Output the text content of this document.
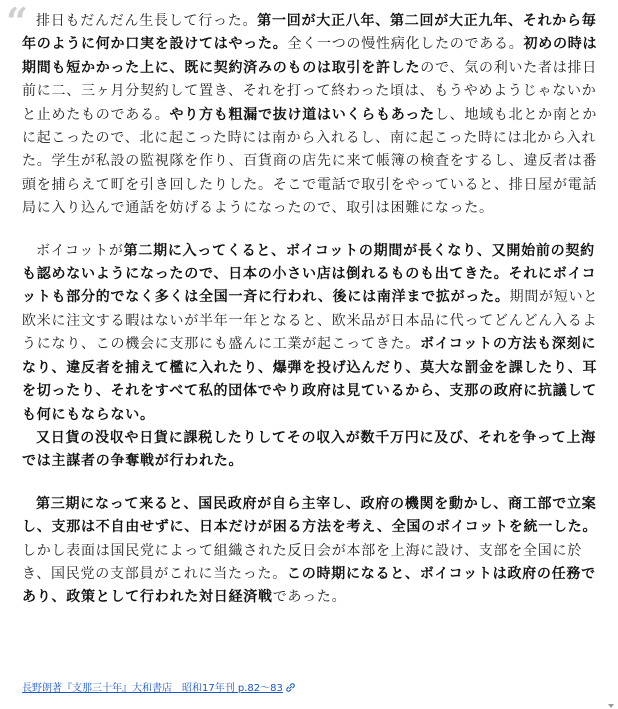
“ 排日もだんだん生長して行った。第一回が大正八年、第二回が大正九年、それから毎年のように何か口実を設けてはやった。全く一つの慢性病化したのである。初めの時は期間も短かかった上に、既に契約済みのものは取引を許したので、気の利いた者は排日前に二、三ヶ月分契約して置き、それを打って終わった頃は、もうやめようじゃないかと止めたものである。やり方も粗漏で抜け道はいくらもあったし、地域も北とか南とかに起こったので、北に起こった時には南から入れるし、南に起こった時には北から入れた。学生が私設の監視隊を作り、百貨商の店先に来て帳簿の検査をするし、違反者は番頭を捕らえて町を引き回したりした。そこで電話で取引をやっていると、排日屋が電話局に入り込んで通話を妨げるようになったので、取引は困難になった。

ボイコットが第二期に入ってくると、ボイコットの期間が長くなり、又開始前の契約も認めないようになったので、日本の小さい店は倒れるものも出てきた。それにボイコットも部分的でなく多くは全国一斉に行われ、後には南洋まで拡がった。期間が短いと欧米に注文する暇はないが半年一年となると、欧米品が日本品に代ってどんどん入るようになり、この機会に支那にも盛んに工業が起こってきた。ボイコットの方法も深刻になり、違反者を捕えて檻に入れたり、爆弾を投げ込んだり、莫大な罰金を課したり、耳を切ったり、それをすべて私的団体でやり政府は見ているから、支那の政府に抗議しても何にもならない。

又日貨の没収や日貨に課税したりしてその収入が数千万円に及び、それを争って上海では主謀者の争奪戦が行われた。

第三期になって来ると、国民政府が自ら主宰し、政府の機関を動かし、商工部で立案し、支那は不自由せずに、日本だけが困る方法を考え、全国のボイコットを統一した。しかし表面は国民党によって組織された反日会が本部を上海に設け、支部を全国に於き、国民党の支部員がこれに当たった。この時期になると、ボイコットは政府の任務であり、政策として行われた対日経済戦であった。

長野朗著『支那三十年』大和書店　昭和17年刊 p.82〜83
